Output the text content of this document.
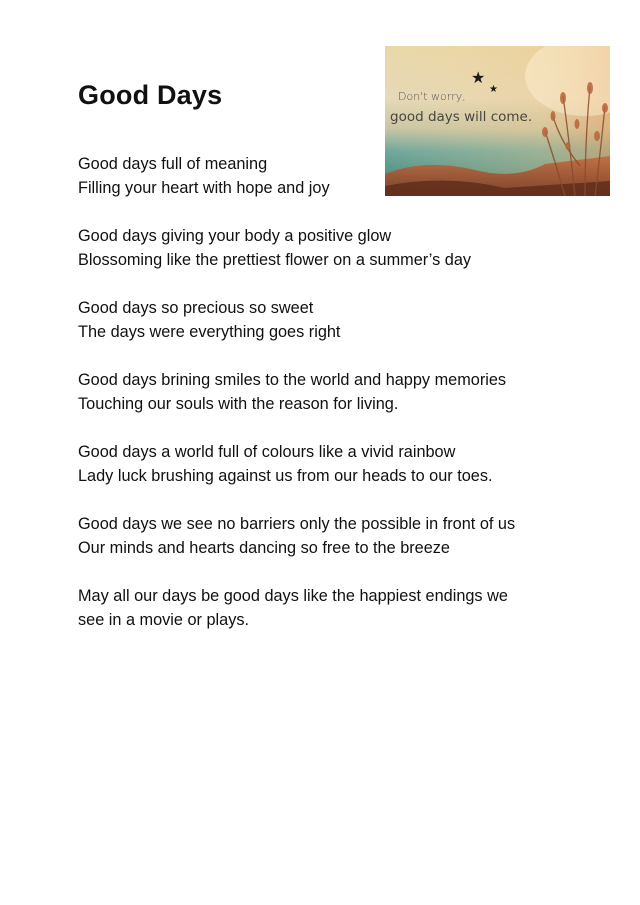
Good Days
★
★
Don't worry,
good days will come.

Good days full of meaning
Filling your heart with hope and joy

Good days giving your body a positive glow
Blossoming like the prettiest flower on a summer’s day

Good days so precious so sweet
The days were everything goes right

Good days brining smiles to the world and happy memories
Touching our souls with the reason for living.

Good days a world full of colours like a vivid rainbow
Lady luck brushing against us from our heads to our toes.

Good days we see no barriers only the possible in front of us
Our minds and hearts dancing so free to the breeze

May all our days be good days like the happiest endings we
see in a movie or plays.
